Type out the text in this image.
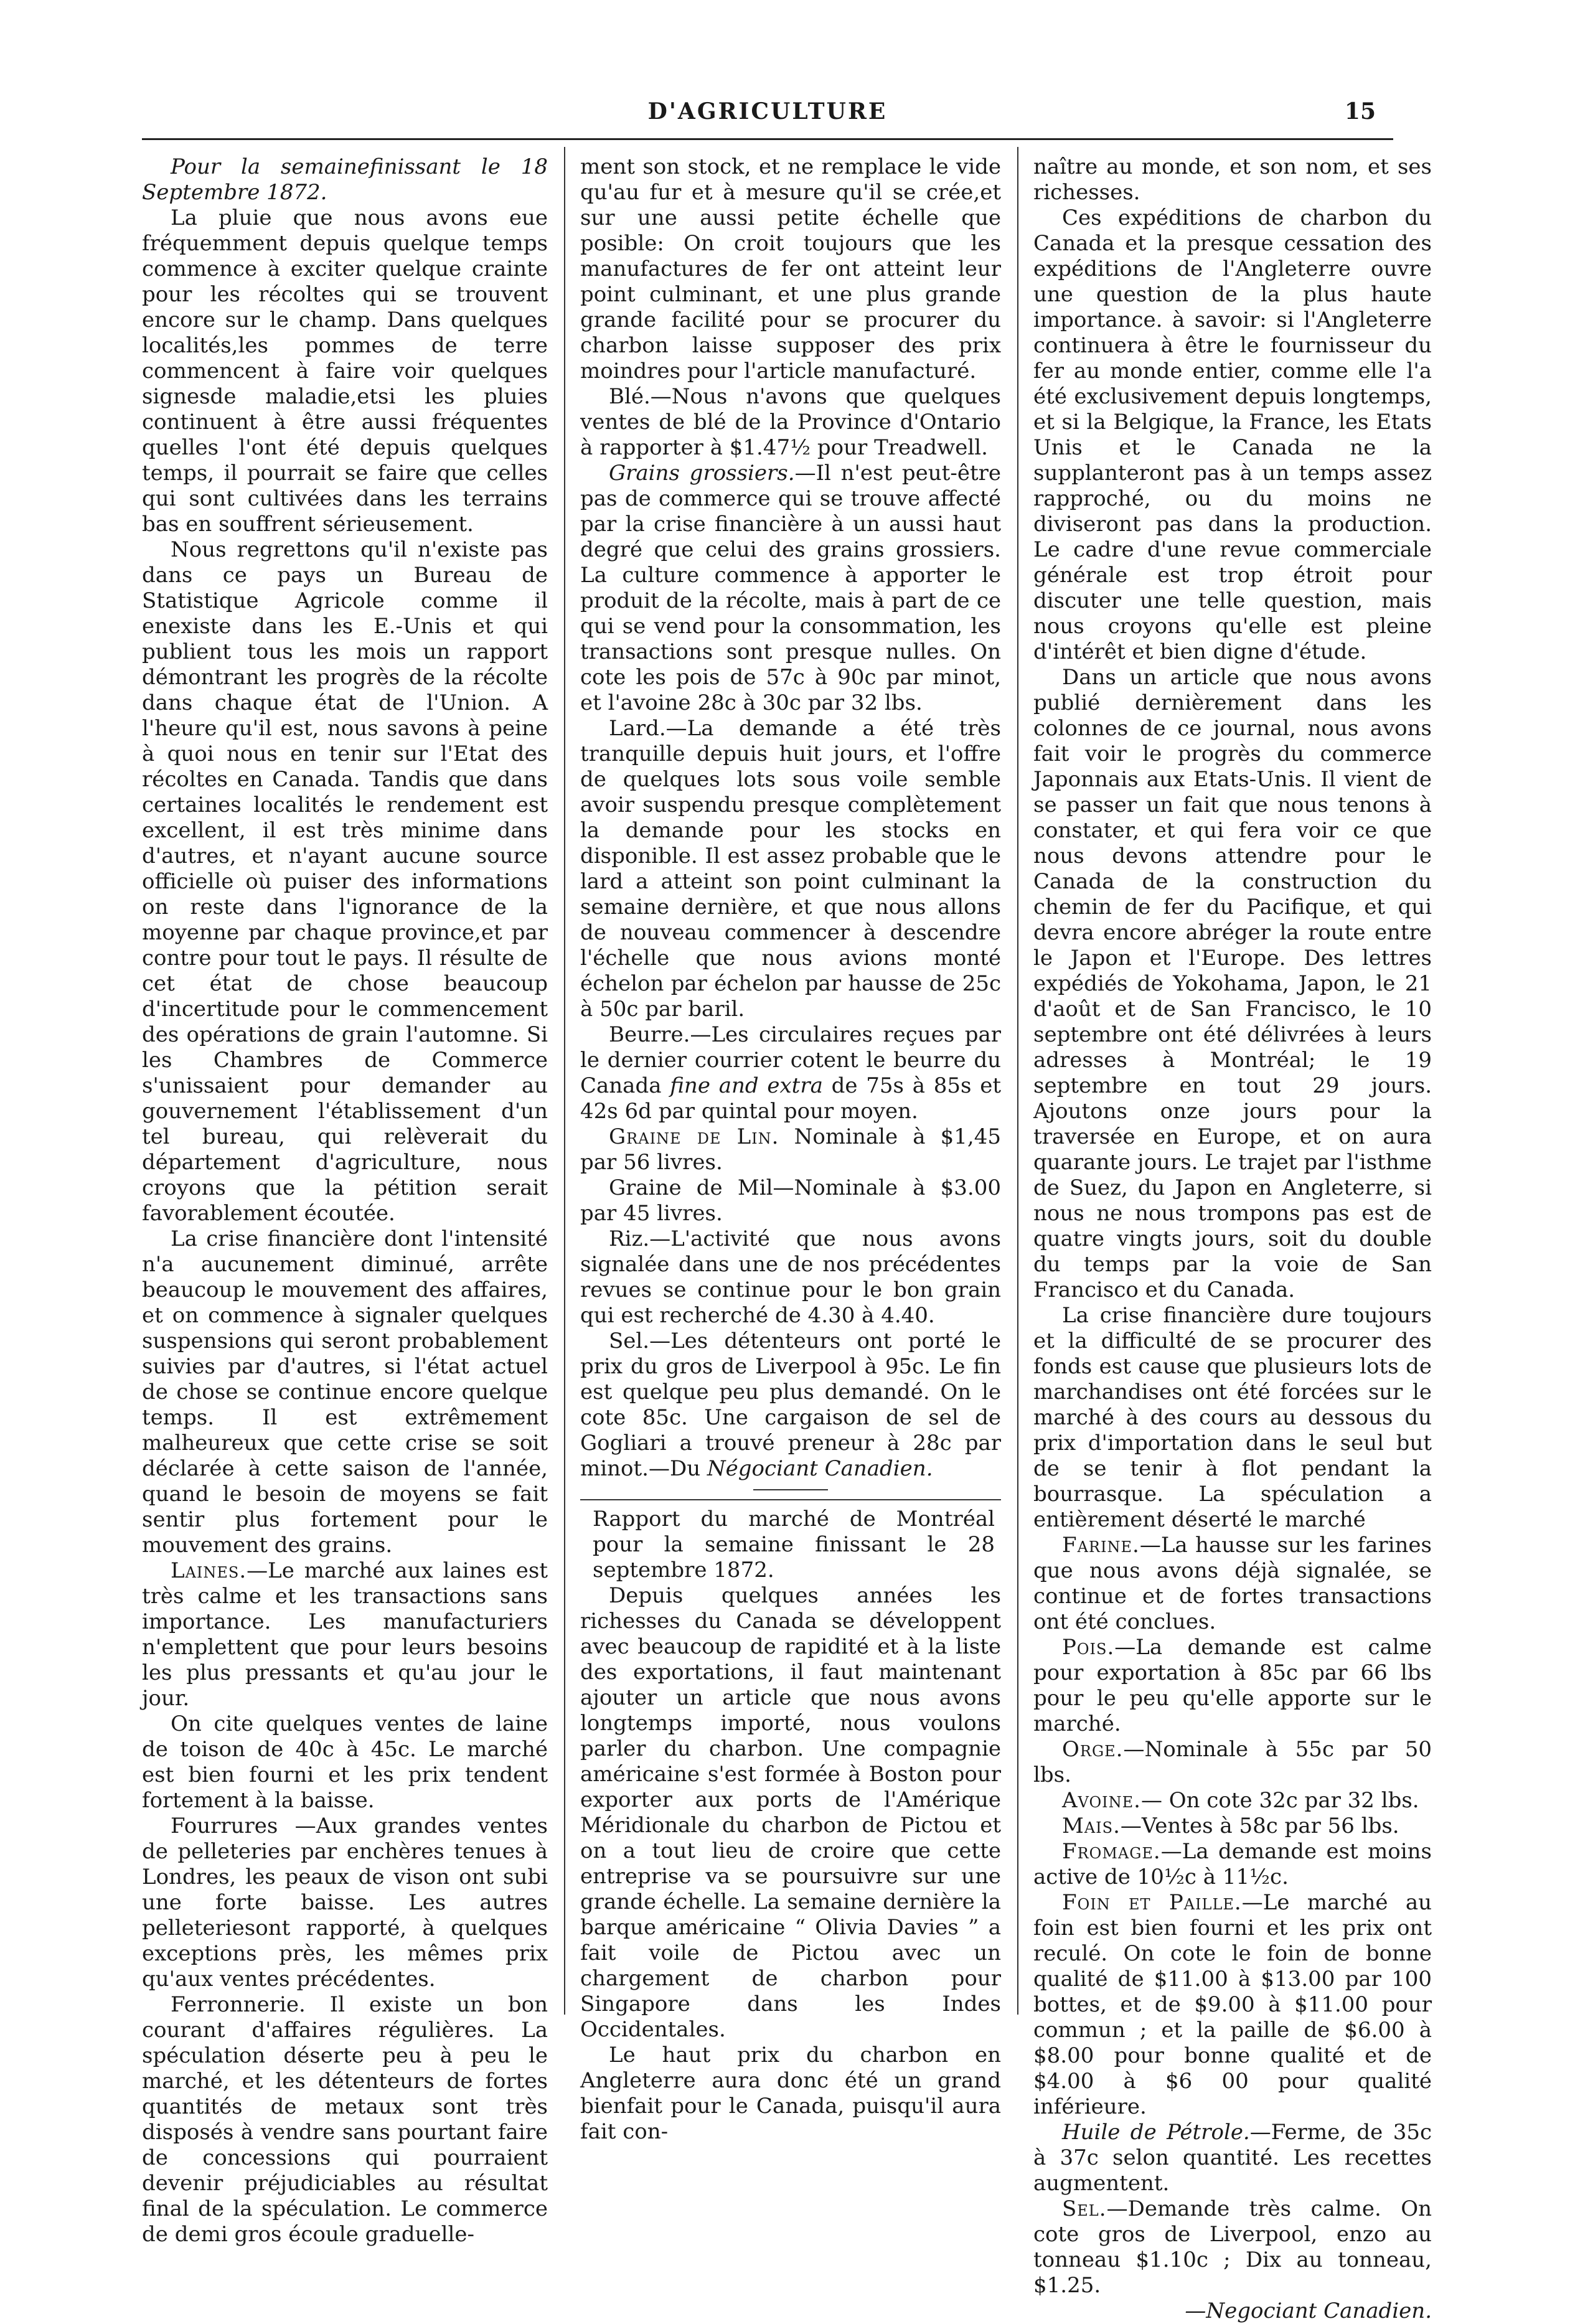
D'AGRICULTURE	15

Pour la semainefinissant le 18 Septembre 1872.

La pluie que nous avons eue fréquemment depuis quelque temps commence à exciter quelque crainte pour les récoltes qui se trouvent encore sur le champ. Dans quelques localités,les pommes de terre commencent à faire voir quelques signesde maladie,etsi les pluies continuent à être aussi fréquentes quelles l'ont été depuis quelques temps, il pourrait se faire que celles qui sont cultivées dans les terrains bas en souffrent sérieusement.

Nous regrettons qu'il n'existe pas dans ce pays un Bureau de Statistique Agricole comme il enexiste dans les E.-Unis et qui publient tous les mois un rapport démontrant les progrès de la récolte dans chaque état de l'Union. A l'heure qu'il est, nous savons à peine à quoi nous en tenir sur l'Etat des récoltes en Canada. Tandis que dans certaines localités le rendement est excellent, il est très minime dans d'autres, et n'ayant aucune source officielle où puiser des informations on reste dans l'ignorance de la moyenne par chaque province,et par contre pour tout le pays. Il résulte de cet état de chose beaucoup d'incertitude pour le commencement des opérations de grain l'automne. Si les Chambres de Commerce s'unissaient pour demander au gouvernement l'établissement d'un tel bureau, qui relèverait du département d'agriculture, nous croyons que la pétition serait favorablement écoutée.

La crise financière dont l'intensité n'a aucunement diminué, arrête beaucoup le mouvement des affaires, et on commence à signaler quelques suspensions qui seront probablement suivies par d'autres, si l'état actuel de chose se continue encore quelque temps. Il est extrêmement malheureux que cette crise se soit déclarée à cette saison de l'année, quand le besoin de moyens se fait sentir plus fortement pour le mouvement des grains.

Laines.—Le marché aux laines est très calme et les transactions sans importance. Les manufacturiers n'emplettent que pour leurs besoins les plus pressants et qu'au jour le jour.

On cite quelques ventes de laine de toison de 40c à 45c. Le marché est bien fourni et les prix tendent fortement à la baisse.

Fourrures —Aux grandes ventes de pelleteries par enchères tenues à Londres, les peaux de vison ont subi une forte baisse. Les autres pelleteriesont rapporté, à quelques exceptions près, les mêmes prix qu'aux ventes précédentes.

Ferronnerie. Il existe un bon courant d'affaires régulières. La spéculation déserte peu à peu le marché, et les détenteurs de fortes quantités de metaux sont très disposés à vendre sans pourtant faire de concessions qui pourraient devenir préjudiciables au résultat final de la spéculation. Le commerce de demi gros écoule graduelle-

ment son stock, et ne remplace le vide qu'au fur et à mesure qu'il se crée,et sur une aussi petite échelle que posible: On croit toujours que les manufactures de fer ont atteint leur point culminant, et une plus grande grande facilité pour se procurer du charbon laisse supposer des prix moindres pour l'article manufacturé.

Blé.—Nous n'avons que quelques ventes de blé de la Province d'Ontario à rapporter à $1.47½ pour Treadwell.

Grains grossiers.—Il n'est peut-être pas de commerce qui se trouve affecté par la crise financière à un aussi haut degré que celui des grains grossiers. La culture commence à apporter le produit de la récolte, mais à part de ce qui se vend pour la consommation, les transactions sont presque nulles. On cote les pois de 57c à 90c par minot, et l'avoine 28c à 30c par 32 lbs.

Lard.—La demande a été très tranquille depuis huit jours, et l'offre de quelques lots sous voile semble avoir suspendu presque complètement la demande pour les stocks en disponible. Il est assez probable que le lard a atteint son point culminant la semaine dernière, et que nous allons de nouveau commencer à descendre l'échelle que nous avions monté échelon par échelon par hausse de 25c à 50c par baril.

Beurre.—Les circulaires reçues par le dernier courrier cotent le beurre du Canada fine and extra de 75s à 85s et 42s 6d par quintal pour moyen.

Graine de Lin. Nominale à $1,45 par 56 livres.

Graine de Mil—Nominale à $3.00 par 45 livres.

Riz.—L'activité que nous avons signalée dans une de nos précédentes revues se continue pour le bon grain qui est recherché de 4.30 à 4.40.

Sel.—Les détenteurs ont porté le prix du gros de Liverpool à 95c. Le fin est quelque peu plus demandé. On le cote 85c. Une cargaison de sel de Gogliari a trouvé preneur à 28c par minot.—Du Négociant Canadien.

Rapport du marché de Montréal pour la semaine finissant le 28 septembre 1872.

Depuis quelques années les richesses du Canada se développent avec beaucoup de rapidité et à la liste des exportations, il faut maintenant ajouter un article que nous avons longtemps importé, nous voulons parler du charbon. Une compagnie américaine s'est formée à Boston pour exporter aux ports de l'Amérique Méridionale du charbon de Pictou et on a tout lieu de croire que cette entreprise va se poursuivre sur une grande échelle. La semaine dernière la barque américaine “ Olivia Davies ” a fait voile de Pictou avec un chargement de charbon pour Singapore dans les Indes Occidentales.

Le haut prix du charbon en Angleterre aura donc été un grand bienfait pour le Canada, puisqu'il aura fait con-

naître au monde, et son nom, et ses richesses.

Ces expéditions de charbon du Canada et la presque cessation des expéditions de l'Angleterre ouvre une question de la plus haute importance. à savoir: si l'Angleterre continuera à être le fournisseur du fer au monde entier, comme elle l'a été exclusivement depuis longtemps, et si la Belgique, la France, les Etats Unis et le Canada ne la supplanteront pas à un temps assez rapproché, ou du moins ne diviseront pas dans la production. Le cadre d'une revue commerciale générale est trop étroit pour discuter une telle question, mais nous croyons qu'elle est pleine d'intérêt et bien digne d'étude.

Dans un article que nous avons publié dernièrement dans les colonnes de ce journal, nous avons fait voir le progrès du commerce Japonnais aux Etats-Unis. Il vient de se passer un fait que nous tenons à constater, et qui fera voir ce que nous devons attendre pour le Canada de la construction du chemin de fer du Pacifique, et qui devra encore abréger la route entre le Japon et l'Europe. Des lettres expédiés de Yokohama, Japon, le 21 d'août et de San Francisco, le 10 septembre ont été délivrées à leurs adresses à Montréal; le 19 septembre en tout 29 jours. Ajoutons onze jours pour la traversée en Europe, et on aura quarante jours. Le trajet par l'isthme de Suez, du Japon en Angleterre, si nous ne nous trompons pas est de quatre vingts jours, soit du double du temps par la voie de San Francisco et du Canada.

La crise financière dure toujours et la difficulté de se procurer des fonds est cause que plusieurs lots de marchandises ont été forcées sur le marché à des cours au dessous du prix d'importation dans le seul but de se tenir à flot pendant la bourrasque. La spéculation a entièrement déserté le marché

Farine.—La hausse sur les farines que nous avons déjà signalée, se continue et de fortes transactions ont été conclues.

Pois.—La demande est calme pour exportation à 85c par 66 lbs pour le peu qu'elle apporte sur le marché.

Orge.—Nominale à 55c par 50 lbs.

Avoine.— On cote 32c par 32 lbs.

Mais.—Ventes à 58c par 56 lbs.

Fromage.—La demande est moins active de 10½c à 11½c.

Foin et Paille.—Le marché au foin est bien fourni et les prix ont reculé. On cote le foin de bonne qualité de $11.00 à $13.00 par 100 bottes, et de $9.00 à $11.00 pour commun ; et la paille de $6.00 à $8.00 pour bonne qualité et de $4.00 à $6 00 pour qualité inférieure.

Huile de Pétrole.—Ferme, de 35c à 37c selon quantité. Les recettes augmentent.

Sel.—Demande très calme. On cote gros de Liverpool, enzo au tonneau $1.10c ; Dix au tonneau, $1.25.

—Negociant Canadien.
